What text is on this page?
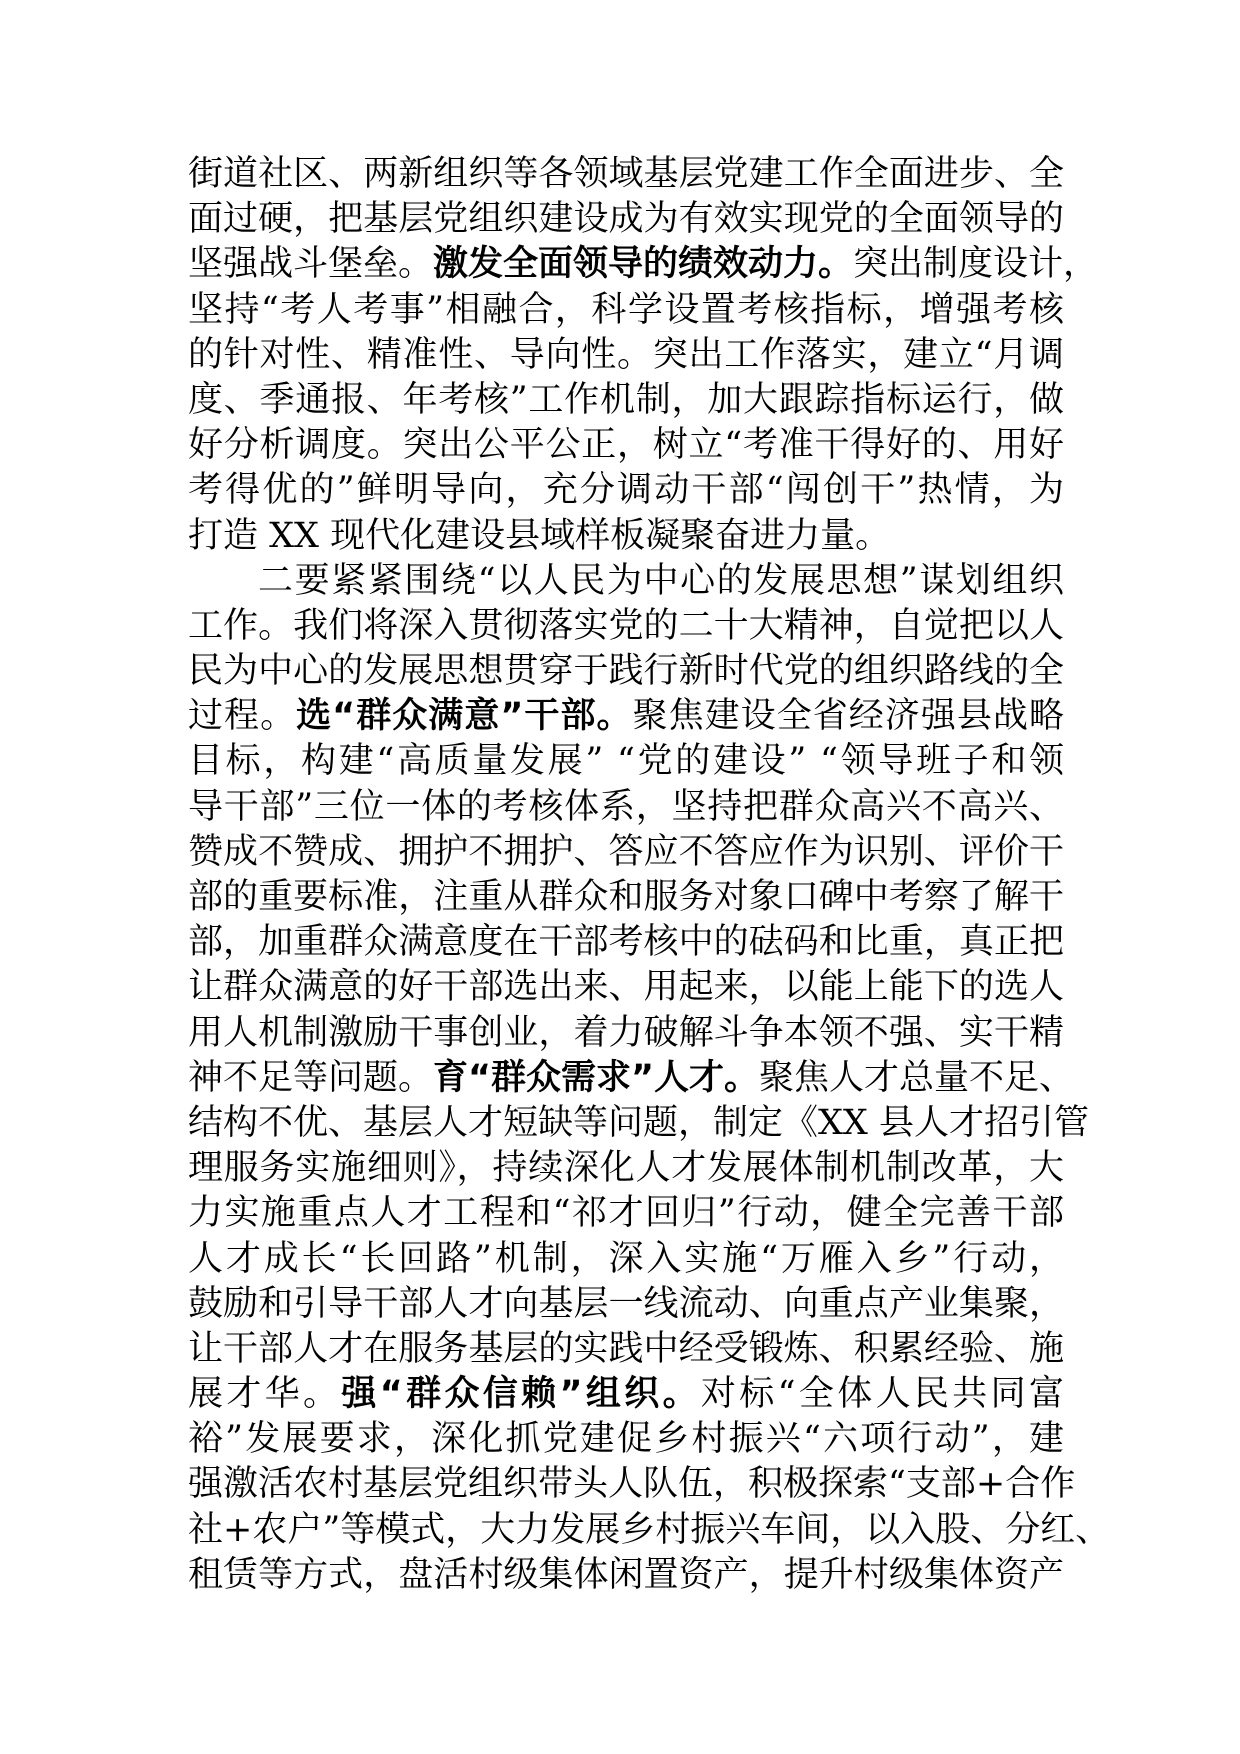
街道社区、两新组织等各领域基层党建工作全面进步、全
面过硬，把基层党组织建设成为有效实现党的全面领导的
坚强战斗堡垒。激发全面领导的绩效动力。突出制度设计，
坚持“考人考事”相融合，科学设置考核指标，增强考核
的针对性、精准性、导向性。突出工作落实，建立“月调
度、季通报、年考核”工作机制，加大跟踪指标运行，做
好分析调度。突出公平公正，树立“考准干得好的、用好
考得优的”鲜明导向，充分调动干部“闯创干”热情，为
打造 XX 现代化建设县域样板凝聚奋进力量。
二要紧紧围绕“以人民为中心的发展思想”谋划组织
工作。我们将深入贯彻落实党的二十大精神，自觉把以人
民为中心的发展思想贯穿于践行新时代党的组织路线的全
过程。选“群众满意”干部。聚焦建设全省经济强县战略
目标，构建“高质量发展” “党的建设” “领导班子和领
导干部”三位一体的考核体系，坚持把群众高兴不高兴、
赞成不赞成、拥护不拥护、答应不答应作为识别、评价干
部的重要标准，注重从群众和服务对象口碑中考察了解干
部，加重群众满意度在干部考核中的砝码和比重，真正把
让群众满意的好干部选出来、用起来，以能上能下的选人
用人机制激励干事创业，着力破解斗争本领不强、实干精
神不足等问题。育“群众需求”人才。聚焦人才总量不足、
结构不优、基层人才短缺等问题，制定《XX 县人才招引管
理服务实施细则》，持续深化人才发展体制机制改革，大
力实施重点人才工程和“祁才回归”行动，健全完善干部
人才成长“长回路”机制，深入实施“万雁入乡”行动，
鼓励和引导干部人才向基层一线流动、向重点产业集聚，
让干部人才在服务基层的实践中经受锻炼、积累经验、施
展才华。强“群众信赖”组织。对标“全体人民共同富
裕”发展要求，深化抓党建促乡村振兴“六项行动”，建
强激活农村基层党组织带头人队伍，积极探索“支部+合作
社+农户”等模式，大力发展乡村振兴车间，以入股、分红、
租赁等方式，盘活村级集体闲置资产，提升村级集体资产
